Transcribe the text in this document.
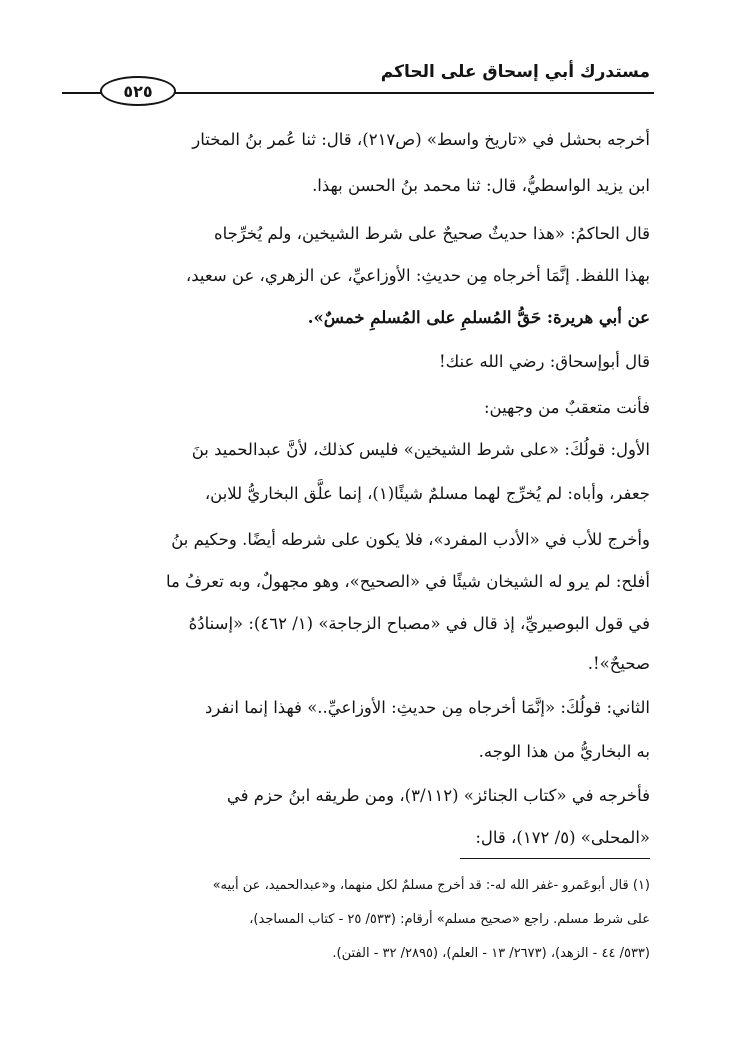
مستدرك أبي إسحاق على الحاكم
٥٢٥
أخرجه بحشل في «تاريخ واسط» (ص٢١٧)، قال: ثنا عُمر بنُ المختار
ابن يزيد الواسطيُّ، قال: ثنا محمد بنُ الحسن بهذا.
قال الحاكمُ: «هذا حديثٌ صحيحٌ على شرط الشيخين، ولم يُخرِّجاه
بهذا اللفظ. إنَّمَا أخرجاه مِن حديثِ: الأوزاعيِّ، عن الزهري، عن سعيد،
عن أبي هريرة: حَقُّ المُسلمِ على المُسلمِ خمسٌ».
قال أبوإسحاق: رضي الله عنك!
فأنت متعقبٌ من وجهين:
الأول: قولُكَ: «على شرط الشيخين» فليس كذلك، لأنَّ عبدالحميد بنَ
جعفر، وأباه: لم يُخرِّج لهما مسلمٌ شيئًا(١)، إنما علَّق البخاريُّ للابن،
وأخرج للأب في «الأدب المفرد»، فلا يكون على شرطه أيضًا. وحكيم بنُ
أفلح: لم يرو له الشيخان شيئًا في «الصحيح»، وهو مجهولٌ، وبه تعرفُ ما
في قول البوصيريِّ، إذ قال في «مصباح الزجاجة» (١/ ٤٦٢): «إسنادُهُ
صحيحٌ»!.
الثاني: قولُكَ: «إنَّمَا أخرجاه مِن حديثِ: الأوزاعيِّ..» فهذا إنما انفرد
به البخاريُّ من هذا الوجه.
فأخرجه في «كتاب الجنائز» (٣/١١٢)، ومن طريقه ابنُ حزم في
«المحلى» (٥/ ١٧٢)، قال:
(١) قال أبوعَمرو -غفر الله له-: قد أخرج مسلمٌ لكل منهما، و«عبدالحميد، عن أبيه»
على شرط مسلم. راجع «صحيح مسلم» أرقام: (٥٣٣/ ٢٥ - كتاب المساجد)،
(٥٣٣/ ٤٤ - الزهد)، (٢٦٧٣/ ١٣ - العلم)، (٢٨٩٥/ ٣٢ - الفتن).
